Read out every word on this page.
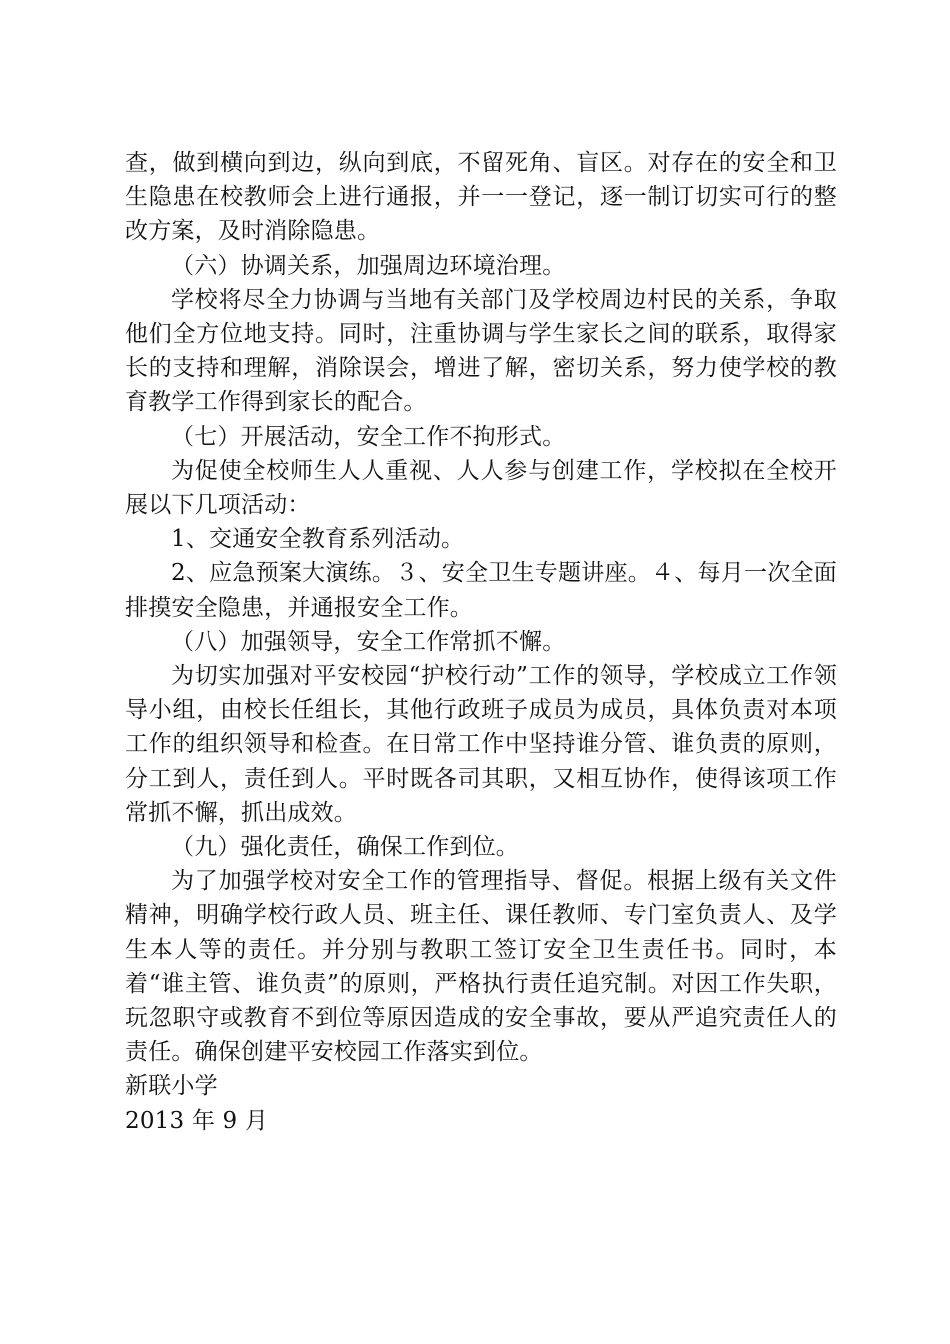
查，做到横向到边，纵向到底，不留死角、盲区。对存在的安全和卫生隐患在校教师会上进行通报，并一一登记，逐一制订切实可行的整改方案，及时消除隐患。

（六）协调关系，加强周边环境治理。

学校将尽全力协调与当地有关部门及学校周边村民的关系，争取他们全方位地支持。同时，注重协调与学生家长之间的联系，取得家长的支持和理解，消除误会，增进了解，密切关系，努力使学校的教育教学工作得到家长的配合。

（七）开展活动，安全工作不拘形式。

为促使全校师生人人重视、人人参与创建工作，学校拟在全校开展以下几项活动：

1、交通安全教育系列活动。

2、应急预案大演练。３、安全卫生专题讲座。４、每月一次全面排摸安全隐患，并通报安全工作。

（八）加强领导，安全工作常抓不懈。

为切实加强对平安校园“护校行动”工作的领导，学校成立工作领导小组，由校长任组长，其他行政班子成员为成员，具体负责对本项工作的组织领导和检查。在日常工作中坚持谁分管、谁负责的原则，分工到人，责任到人。平时既各司其职，又相互协作，使得该项工作常抓不懈，抓出成效。

（九）强化责任，确保工作到位。

为了加强学校对安全工作的管理指导、督促。根据上级有关文件精神，明确学校行政人员、班主任、课任教师、专门室负责人、及学生本人等的责任。并分别与教职工签订安全卫生责任书。同时，本着“谁主管、谁负责”的原则，严格执行责任追究制。对因工作失职，玩忽职守或教育不到位等原因造成的安全事故，要从严追究责任人的责任。确保创建平安校园工作落实到位。

新联小学

2013 年 9 月
